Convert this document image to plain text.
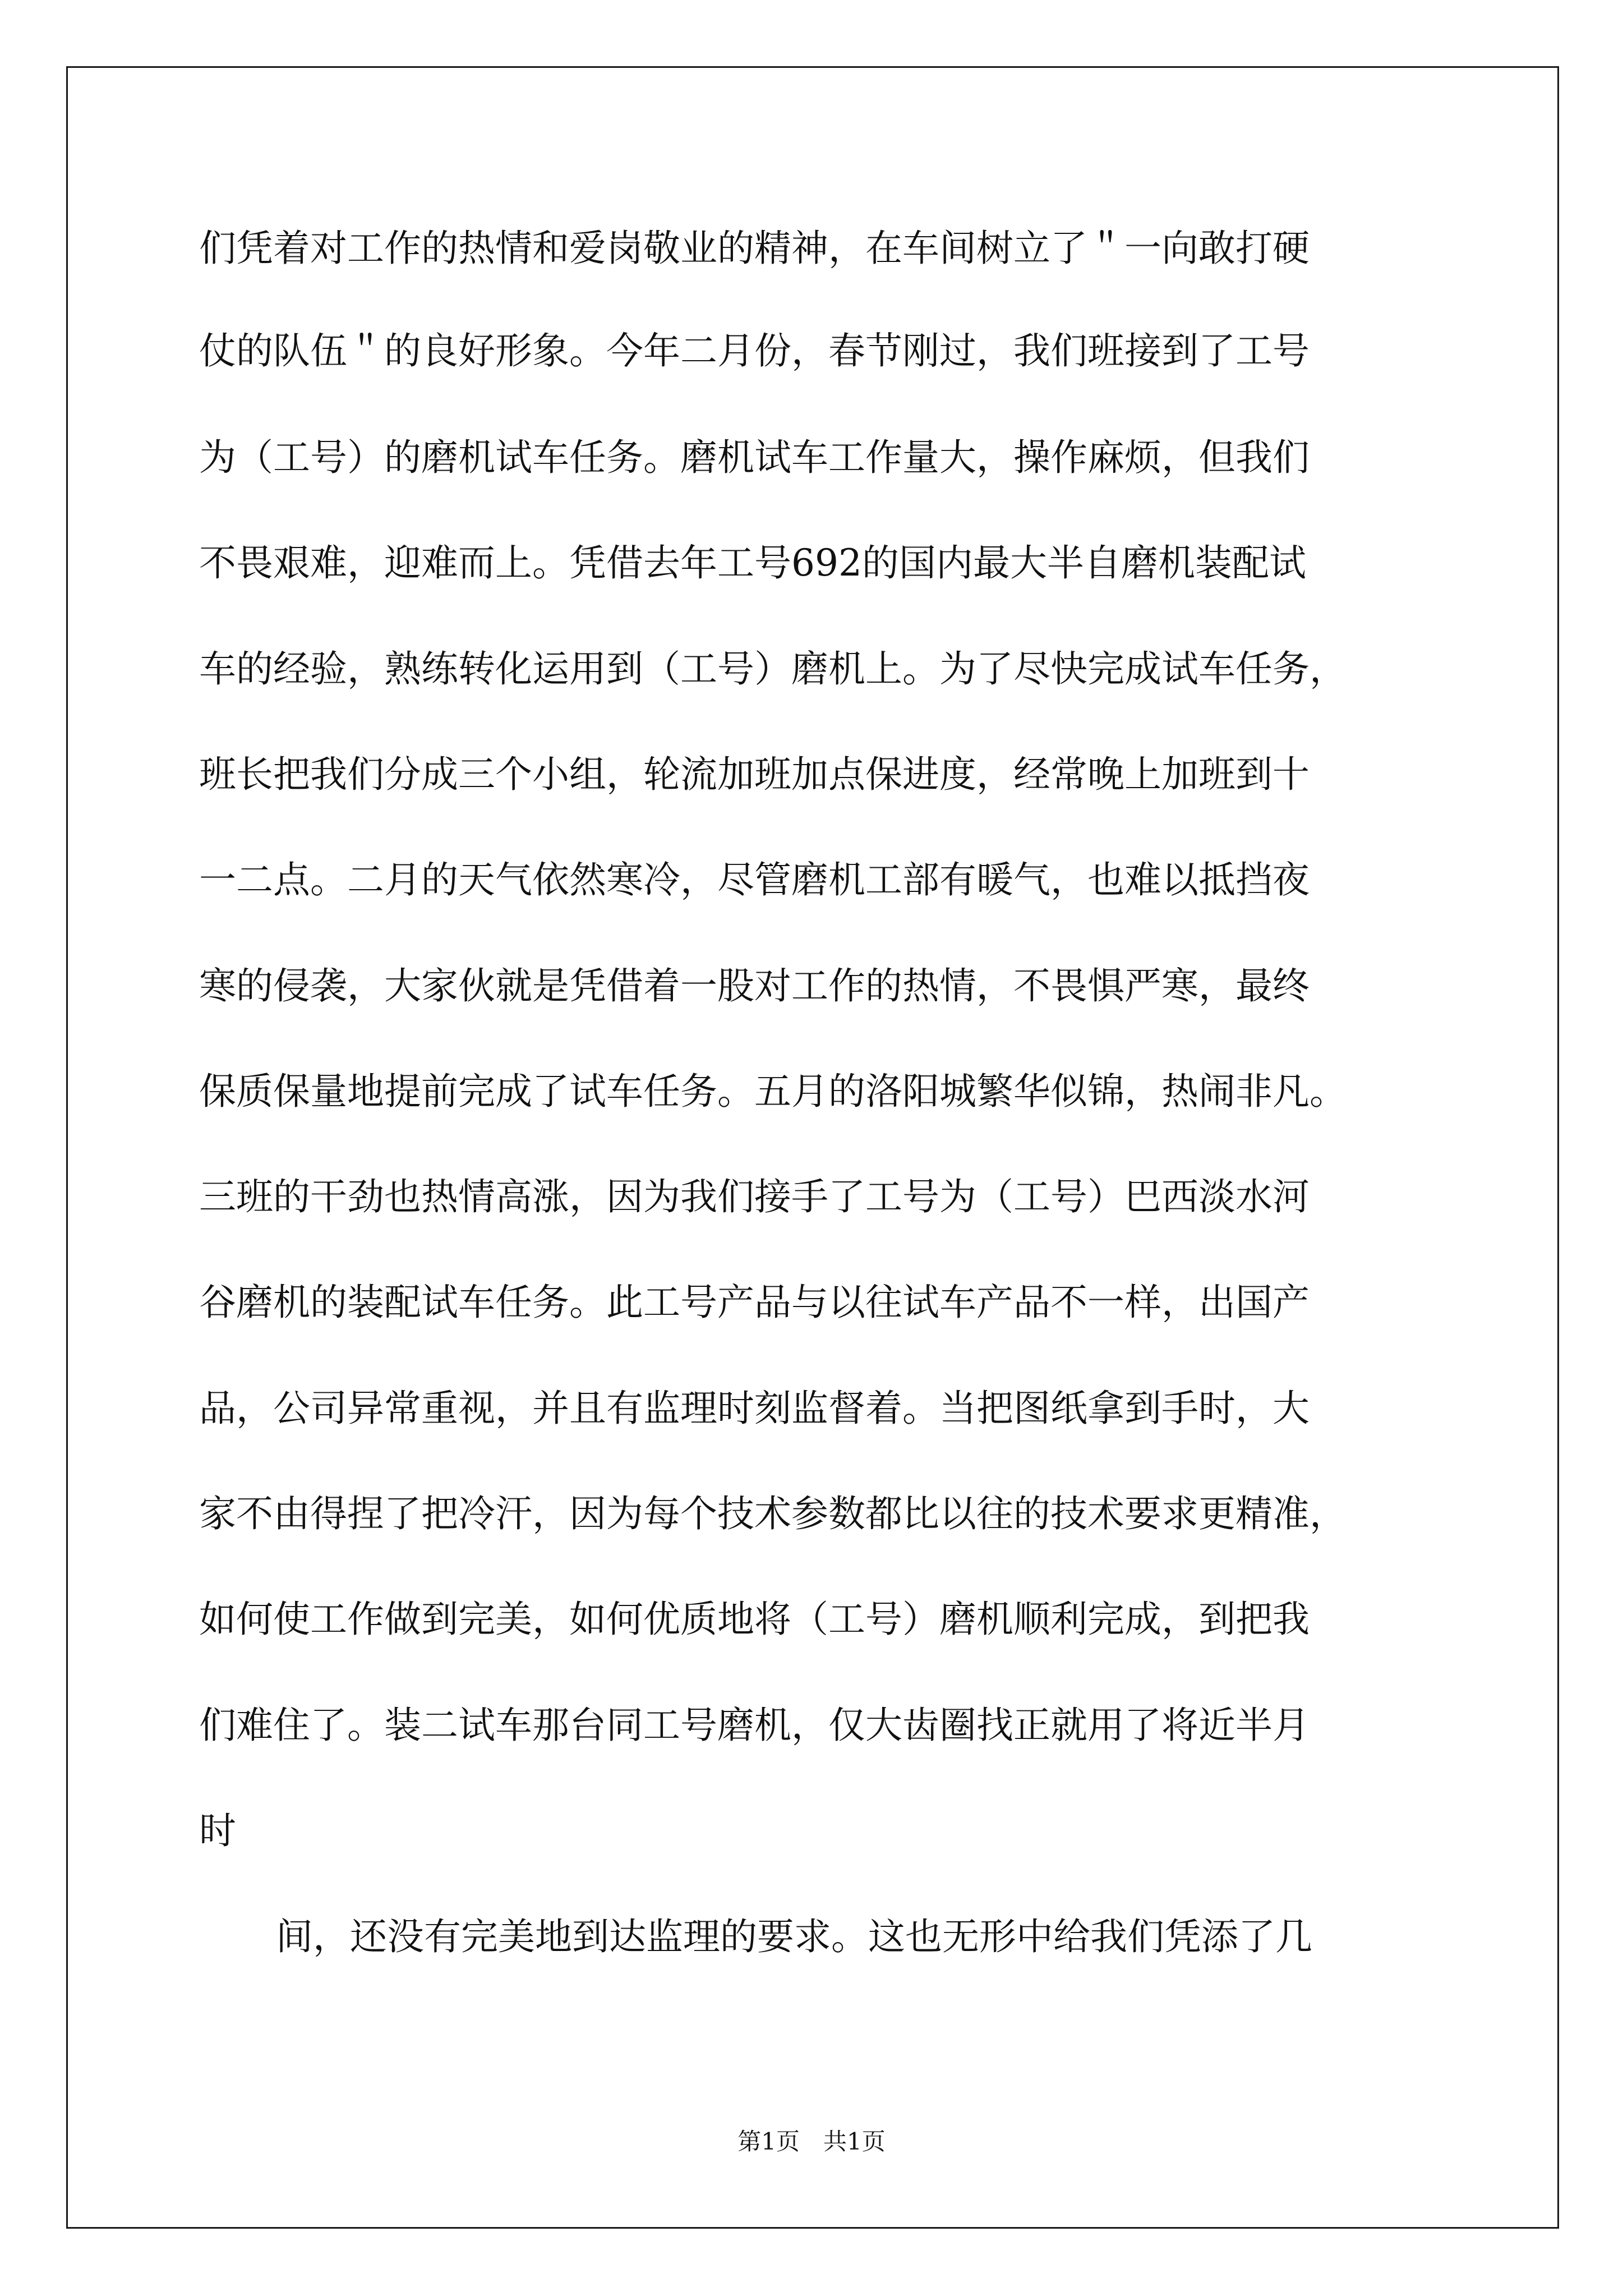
们凭着对工作的热情和爱岗敬业的精神，在车间树立了＂一向敢打硬
仗的队伍＂的良好形象。今年二月份，春节刚过，我们班接到了工号
为（工号）的磨机试车任务。磨机试车工作量大，操作麻烦，但我们
不畏艰难，迎难而上。凭借去年工号692的国内最大半自磨机装配试
车的经验，熟练转化运用到（工号）磨机上。为了尽快完成试车任务，
班长把我们分成三个小组，轮流加班加点保进度，经常晚上加班到十
一二点。二月的天气依然寒冷，尽管磨机工部有暖气，也难以抵挡夜
寒的侵袭，大家伙就是凭借着一股对工作的热情，不畏惧严寒，最终
保质保量地提前完成了试车任务。五月的洛阳城繁华似锦，热闹非凡。
三班的干劲也热情高涨，因为我们接手了工号为（工号）巴西淡水河
谷磨机的装配试车任务。此工号产品与以往试车产品不一样，出国产
品，公司异常重视，并且有监理时刻监督着。当把图纸拿到手时，大
家不由得捏了把冷汗，因为每个技术参数都比以往的技术要求更精准，
如何使工作做到完美，如何优质地将（工号）磨机顺利完成，到把我
们难住了。装二试车那台同工号磨机，仅大齿圈找正就用了将近半月
时
间，还没有完美地到达监理的要求。这也无形中给我们凭添了几
第1页　共1页
